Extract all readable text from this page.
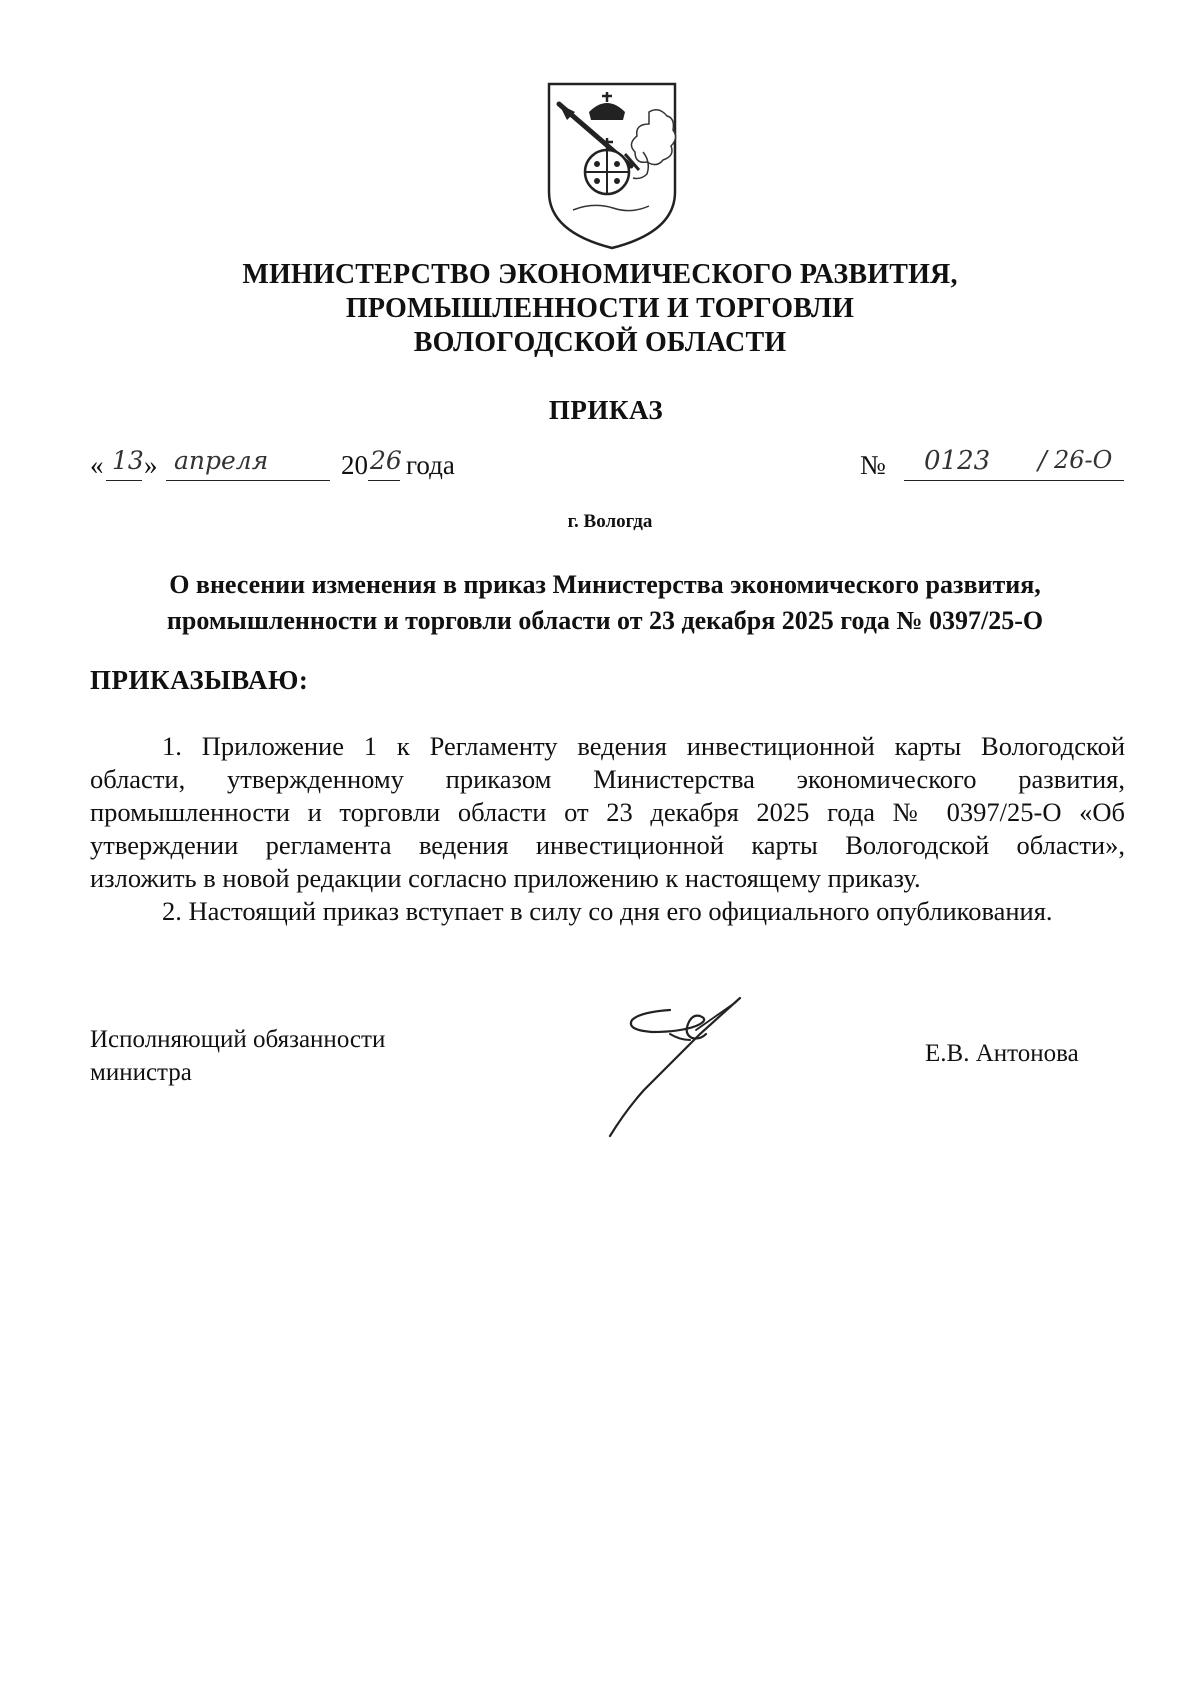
МИНИСТЕРСТВО ЭКОНОМИЧЕСКОГО РАЗВИТИЯ,
ПРОМЫШЛЕННОСТИ И ТОРГОВЛИ
ВОЛОГОДСКОЙ ОБЛАСТИ
ПРИКАЗ
« 13 » апреля	20 26 года	№ 0123 / 26-О
г. Вологда
О внесении изменения в приказ Министерства экономического развития,
промышленности и торговли области от 23 декабря 2025 года № 0397/25-О
ПРИКАЗЫВАЮ:
1. Приложение 1 к Регламенту ведения инвестиционной карты Вологодской
области, утвержденному приказом Министерства экономического развития,
промышленности и торговли области от 23 декабря 2025 года № 0397/25-О «Об
утверждении регламента ведения инвестиционной карты Вологодской области»,
изложить в новой редакции согласно приложению к настоящему приказу.
2. Настоящий приказ вступает в силу со дня его официального опубликования.
Исполняющий обязанности
министра
Е.В. Антонова
